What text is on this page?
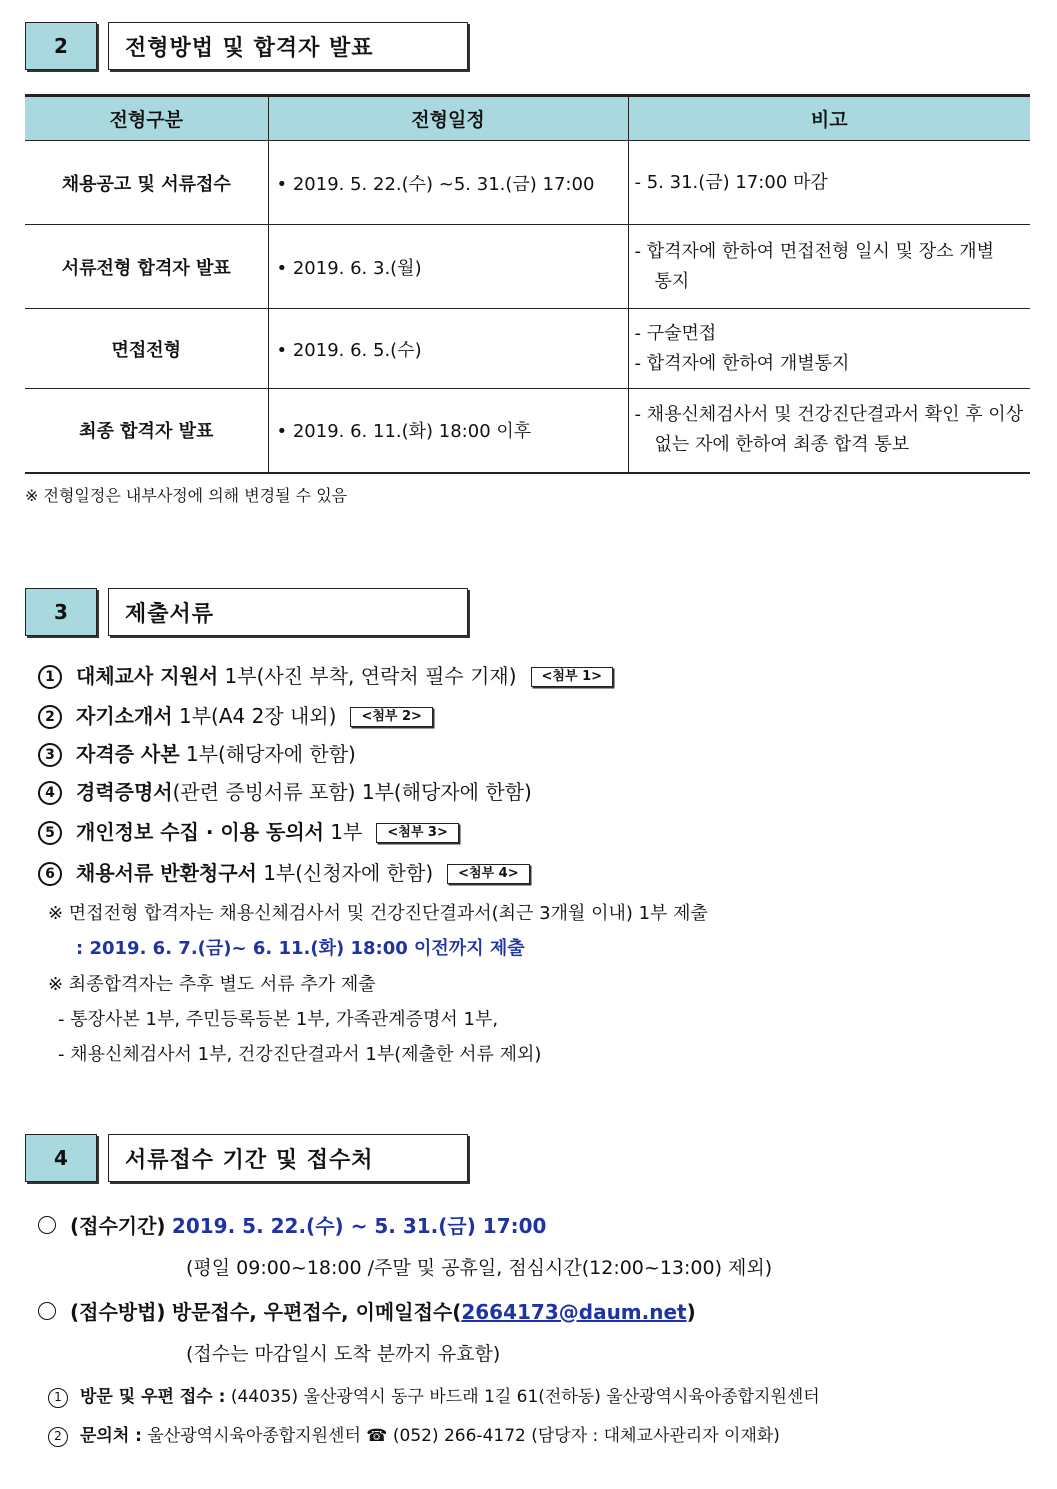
2	전형방법 및 합격자 발표
전형구분	전형일정	비고
채용공고 및 서류접수	• 2019. 5. 22.(수) ~5. 31.(금) 17:00	- 5. 31.(금) 17:00 마감

서류전형 합격자 발표	• 2019. 6. 3.(월)	- 합격자에 한하여 면접전형 일시 및 장소 개별 통지

면접전형	• 2019. 6. 5.(수)	- 구술면접
- 합격자에 한하여 개별통지

최종 합격자 발표	• 2019. 6. 11.(화) 18:00 이후	- 채용신체검사서 및 건강진단결과서 확인 후 이상 없는 자에 한하여 최종 합격 통보
※ 전형일정은 내부사정에 의해 변경될 수 있음
3	제출서류
1 대체교사 지원서 1부(사진 부착, 연락처 필수 기재) <첨부 1>
2 자기소개서 1부(A4 2장 내외) <첨부 2>
3 자격증 사본 1부(해당자에 한함)
4 경력증명서(관련 증빙서류 포함) 1부(해당자에 한함)
5 개인정보 수집 · 이용 동의서 1부 <첨부 3>
6 채용서류 반환청구서 1부(신청자에 한함) <첨부 4>
※ 면접전형 합격자는 채용신체검사서 및 건강진단결과서(최근 3개월 이내) 1부 제출
: 2019. 6. 7.(금)~ 6. 11.(화) 18:00 이전까지 제출
※ 최종합격자는 추후 별도 서류 추가 제출
- 통장사본 1부, 주민등록등본 1부, 가족관계증명서 1부,
- 채용신체검사서 1부, 건강진단결과서 1부(제출한 서류 제외)
4	서류접수 기간 및 접수처
(접수기간) 2019. 5. 22.(수) ~ 5. 31.(금) 17:00
(평일 09:00~18:00 /주말 및 공휴일, 점심시간(12:00~13:00) 제외)
(접수방법) 방문접수, 우편접수, 이메일접수(2664173@daum.net)
(접수는 마감일시 도착 분까지 유효함)
1 방문 및 우편 접수 : (44035) 울산광역시 동구 바드래 1길 61(전하동) 울산광역시육아종합지원센터
2 문의처 : 울산광역시육아종합지원센터 ☎ (052) 266-4172 (담당자 : 대체교사관리자 이재화)
